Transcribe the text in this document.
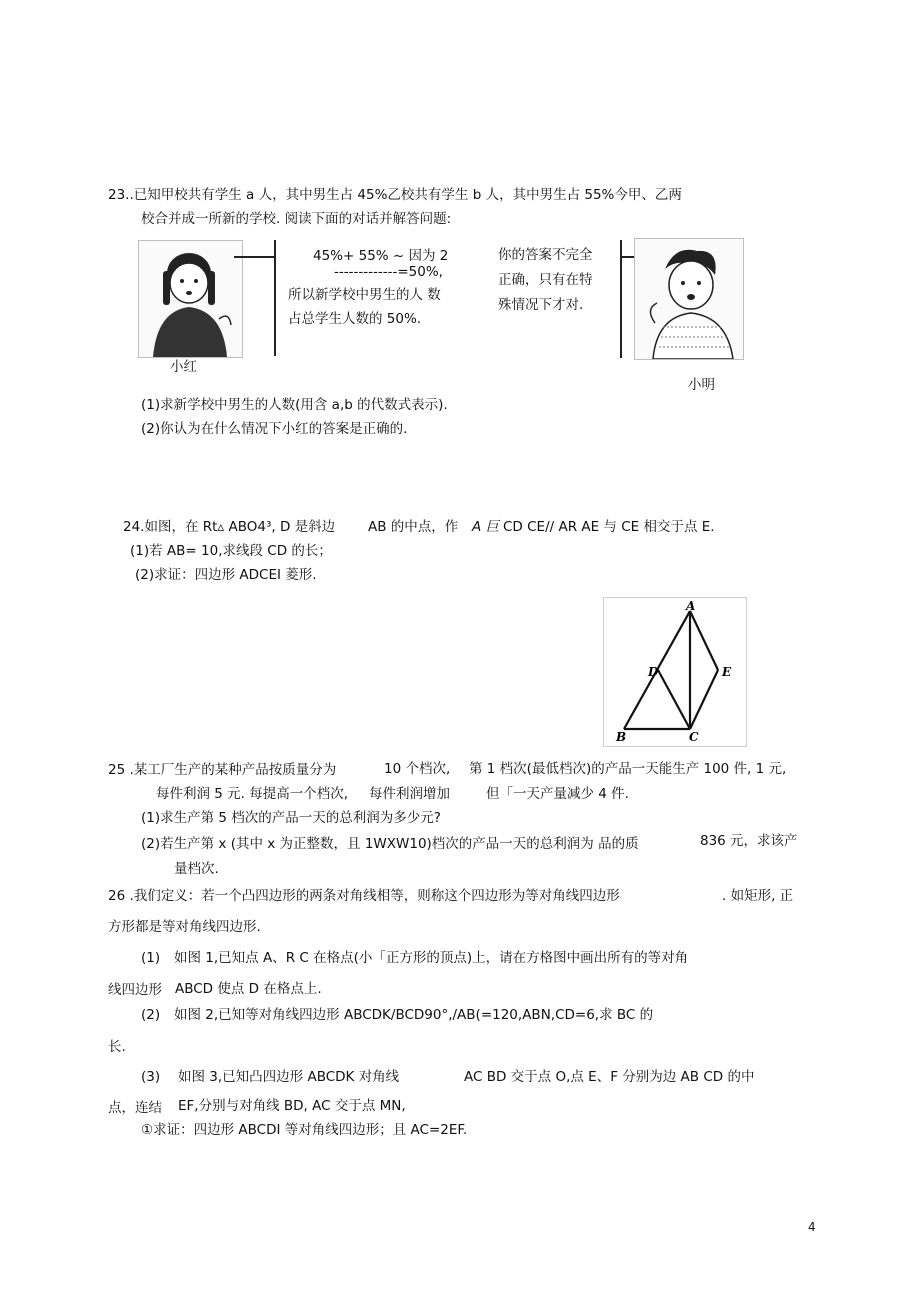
23..已知甲校共有学生 a 人，其中男生占 45%乙校共有学生 b 人，其中男生占 55%今甲、乙两
校合并成一所新的学校. 阅读下面的对话并解答问题:
45%+ 55% ~ 因为 2
-------------=50%,
所以新学校中男生的人 数
占总学生人数的 50%.
小红
你的答案不完全
正确，只有在特
殊情况下才对.
小明
(1)求新学校中男生的人数(用含 a,b 的代数式表示).
(2)你认为在什么情况下小红的答案是正确的.
24.如图，在 Rt▵ ABO4³, D 是斜边 AB 的中点，作 A 巨 CD CE// AR AE 与 CE 相交于点 E.
(1)若 AB= 10,求线段 CD 的长；
(2)求证：四边形 ADCEI 菱形.
A
D	E
B	C
25 .某工厂生产的某种产品按质量分为	10 个档次, 第 1 档次(最低档次)的产品一天能生产 100 件, 1 元,
每件利润 5 元. 每提高一个档次, 每件利润增加	但「一天产量减少 4 件.
(1)求生产第 5 档次的产品一天的总利润为多少元?
(2)若生产第 x (其中 x 为正整数，且 1WXW10)档次的产品一天的总利润为 品的质	836 元，求该产
量档次.
26 .我们定义：若一个凸四边形的两条对角线相等，则称这个四边形为等对角线四边形	. 如矩形, 正
方形都是等对角线四边形.
(1) 如图 1,已知点 A、R C 在格点(小「正方形的顶点)上，请在方格图中画出所有的等对角
线四边形 ABCD 使点 D 在格点上.
(2) 如图 2,已知等对角线四边形 ABCDK/BCD90°,/AB(=120,ABN,CD=6,求 BC 的
长.
(3) 如图 3,已知凸四边形 ABCDK 对角线	AC BD 交于点 O,点 E、F 分别为边 AB CD 的中
点，连结 EF,分别与对角线 BD, AC 交于点 MN,
①求证：四边形 ABCDI 等对角线四边形；且 AC=2EF.
4
